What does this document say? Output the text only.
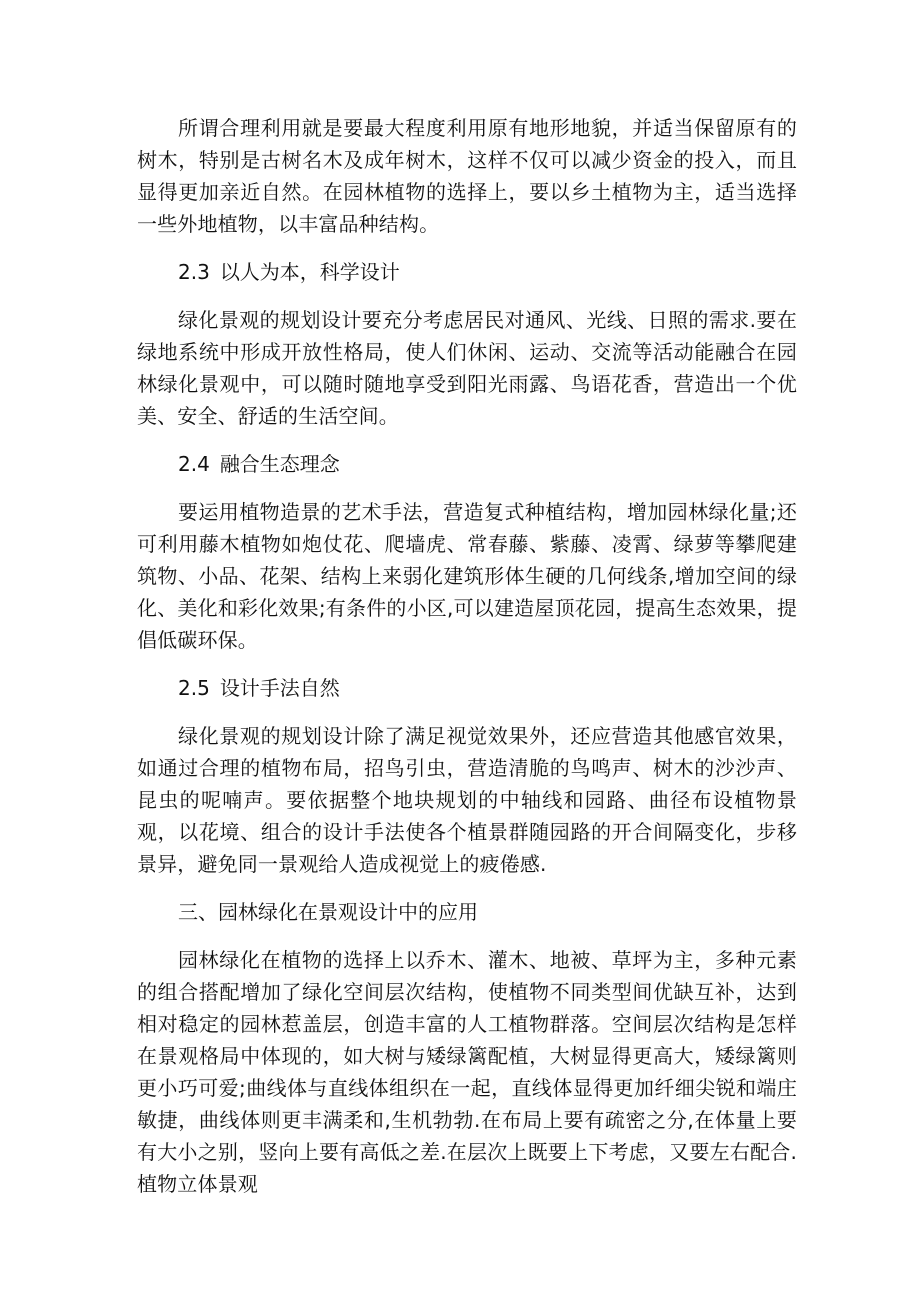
所谓合理利用就是要最大程度利用原有地形地貌，并适当保留原有的树木，特别是古树名木及成年树木，这样不仅可以减少资金的投入，而且显得更加亲近自然。在园林植物的选择上，要以乡土植物为主，适当选择一些外地植物，以丰富品种结构。

2.3 以人为本，科学设计

绿化景观的规划设计要充分考虑居民对通风、光线、日照的需求.要在绿地系统中形成开放性格局，使人们休闲、运动、交流等活动能融合在园林绿化景观中，可以随时随地享受到阳光雨露、鸟语花香，营造出一个优美、安全、舒适的生活空间。

2.4 融合生态理念

要运用植物造景的艺术手法，营造复式种植结构，增加园林绿化量;还可利用藤木植物如炮仗花、爬墙虎、常春藤、紫藤、凌霄、绿萝等攀爬建筑物、小品、花架、结构上来弱化建筑形体生硬的几何线条,增加空间的绿化、美化和彩化效果;有条件的小区,可以建造屋顶花园，提高生态效果，提倡低碳环保。

2.5 设计手法自然

绿化景观的规划设计除了满足视觉效果外，还应营造其他感官效果，如通过合理的植物布局，招鸟引虫，营造清脆的鸟鸣声、树木的沙沙声、昆虫的呢喃声。要依据整个地块规划的中轴线和园路、曲径布设植物景观，以花境、组合的设计手法使各个植景群随园路的开合间隔变化，步移景异，避免同一景观给人造成视觉上的疲倦感.

三、园林绿化在景观设计中的应用

园林绿化在植物的选择上以乔木、灌木、地被、草坪为主，多种元素的组合搭配增加了绿化空间层次结构，使植物不同类型间优缺互补，达到相对稳定的园林惹盖层，创造丰富的人工植物群落。空间层次结构是怎样在景观格局中体现的，如大树与矮绿篱配植，大树显得更高大，矮绿篱则更小巧可爱;曲线体与直线体组织在一起，直线体显得更加纤细尖锐和端庄敏捷，曲线体则更丰满柔和,生机勃勃.在布局上要有疏密之分,在体量上要有大小之别，竖向上要有高低之差.在层次上既要上下考虑，又要左右配合.植物立体景观
